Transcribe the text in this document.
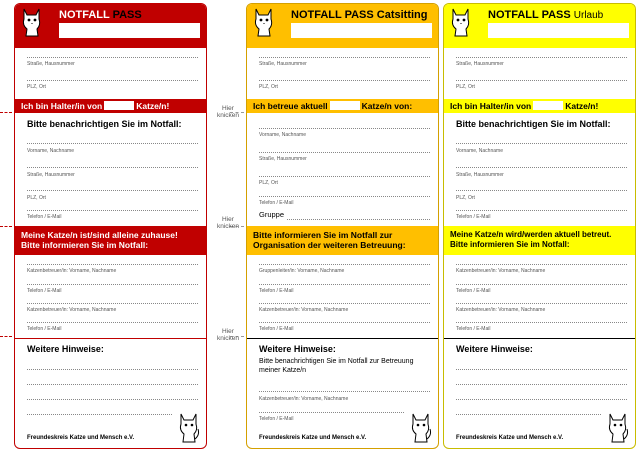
Hier
knicken
Hier
knicken
Hier
knicken
NOTFALL PASS
Straße, Hausnummer
PLZ, Ort
Ich bin Halter/in von	Katze/n!
Bitte benachrichtigen Sie im Notfall:
Vorname, Nachname
Straße, Hausnummer
PLZ, Ort
Telefon / E-Mail
Meine Katze/n ist/sind alleine zuhause!
Bitte informieren Sie im Notfall:
Katzenbetreuer/in: Vorname, Nachname
Telefon / E-Mail
Katzenbetreuer/in: Vorname, Nachname
Telefon / E-Mail
Weitere Hinweise:
Freundeskreis Katze und Mensch e.V.
NOTFALL PASS Catsitting
Straße, Hausnummer
PLZ, Ort
Ich betreue aktuell	Katze/n von:
Vorname, Nachname
Straße, Hausnummer
PLZ, Ort
Telefon / E-Mail
Gruppe
Bitte informieren Sie im Notfall zur
Organisation der weiteren Betreuung:
Gruppenleiter/in: Vorname, Nachname
Telefon / E-Mail
Katzenbetreuer/in: Vorname, Nachname
Telefon / E-Mail
Weitere Hinweise:
Bitte benachrichtigen Sie im Notfall zur Betreuung meiner Katze/n
Katzenbetreuer/in: Vorname, Nachname
Telefon / E-Mail
Freundeskreis Katze und Mensch e.V.
NOTFALL PASS Urlaub
Straße, Hausnummer
PLZ, Ort
Ich bin Halter/in von	Katze/n!
Bitte benachrichtigen Sie im Notfall:
Vorname, Nachname
Straße, Hausnummer
PLZ, Ort
Telefon / E-Mail
Meine Katze/n wird/werden aktuell betreut.
Bitte informieren Sie im Notfall:
Katzenbetreuer/in: Vorname, Nachname
Telefon / E-Mail
Katzenbetreuer/in: Vorname, Nachname
Telefon / E-Mail
Weitere Hinweise:
Freundeskreis Katze und Mensch e.V.
